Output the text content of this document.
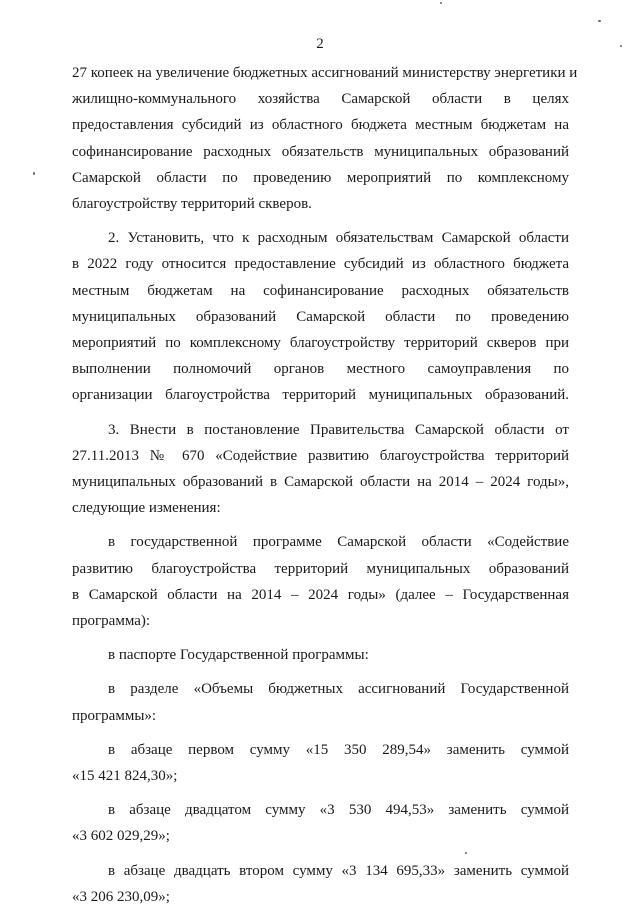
2

27 копеек на увеличение бюджетных ассигнований министерству энергетики и
жилищно-коммунального хозяйства Самарской области в целях
предоставления субсидий из областного бюджета местным бюджетам на
софинансирование расходных обязательств муниципальных образований
Самарской области по проведению мероприятий по комплексному
благоустройству территорий скверов.

2. Установить, что к расходным обязательствам Самарской области
в 2022 году относится предоставление субсидий из областного бюджета
местным бюджетам на софинансирование расходных обязательств
муниципальных образований Самарской области по проведению
мероприятий по комплексному благоустройству территорий скверов при
выполнении полномочий органов местного самоуправления по
организации благоустройства территорий муниципальных образований.

3. Внести в постановление Правительства Самарской области от
27.11.2013 № 670 «Содействие развитию благоустройства территорий
муниципальных образований в Самарской области на 2014 – 2024 годы»,
следующие изменения:

в государственной программе Самарской области «Содействие
развитию благоустройства территорий муниципальных образований
в Самарской области на 2014 – 2024 годы» (далее – Государственная
программа):

в паспорте Государственной программы:

в разделе «Объемы бюджетных ассигнований Государственной
программы»:

в абзаце первом сумму «15 350 289,54» заменить суммой
«15 421 824,30»;

в абзаце двадцатом сумму «3 530 494,53» заменить суммой
«3 602 029,29»;

в абзаце двадцать втором сумму «3 134 695,33» заменить суммой
«3 206 230,09»;
